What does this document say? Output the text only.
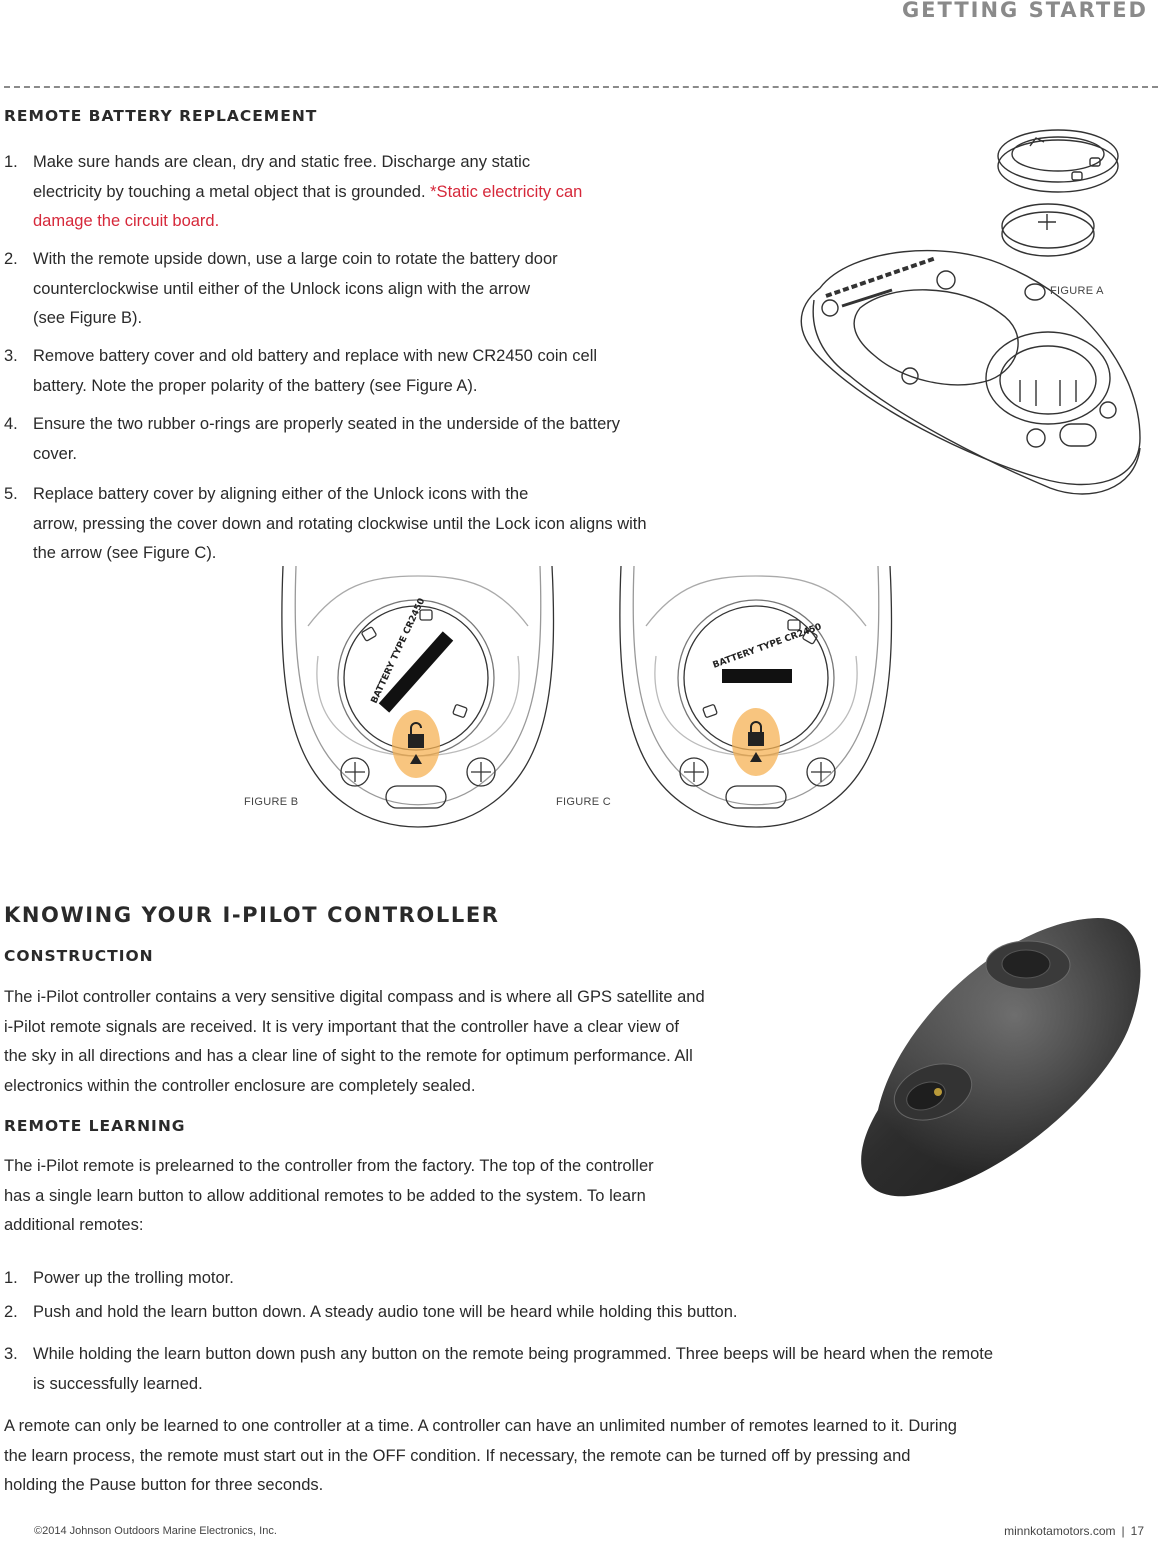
GETTING STARTED
REMOTE BATTERY REPLACEMENT
1. Make sure hands are clean, dry and static free. Discharge any static
electricity by touching a metal object that is grounded. *Static electricity can
damage the circuit board.
2. With the remote upside down, use a large coin to rotate the battery door
counterclockwise until either of the Unlock icons align with the arrow
(see Figure B).
3. Remove battery cover and old battery and replace with new CR2450 coin cell
battery. Note the proper polarity of the battery (see Figure A).
4. Ensure the two rubber o-rings are properly seated in the underside of the battery
cover.
5. Replace battery cover by aligning either of the Unlock icons with the
arrow, pressing the cover down and rotating clockwise until the Lock icon aligns with
the arrow (see Figure C).
FIGURE A
BATTERY TYPE CR2450
FIGURE B
BATTERY TYPE CR2450
FIGURE C
KNOWING YOUR I-PILOT CONTROLLER
CONSTRUCTION
The i-Pilot controller contains a very sensitive digital compass and is where all GPS satellite and
i-Pilot remote signals are received. It is very important that the controller have a clear view of
the sky in all directions and has a clear line of sight to the remote for optimum performance. All
electronics within the controller enclosure are completely sealed.
REMOTE LEARNING
The i-Pilot remote is prelearned to the controller from the factory. The top of the controller
has a single learn button to allow additional remotes to be added to the system. To learn
additional remotes:
1. Power up the trolling motor.
2. Push and hold the learn button down. A steady audio tone will be heard while holding this button.
3. While holding the learn button down push any button on the remote being programmed. Three beeps will be heard when the remote
is successfully learned.
A remote can only be learned to one controller at a time. A controller can have an unlimited number of remotes learned to it. During
the learn process, the remote must start out in the OFF condition. If necessary, the remote can be turned off by pressing and
holding the Pause button for three seconds.
©2014 Johnson Outdoors Marine Electronics, Inc.	minnkotamotors.com | 17
